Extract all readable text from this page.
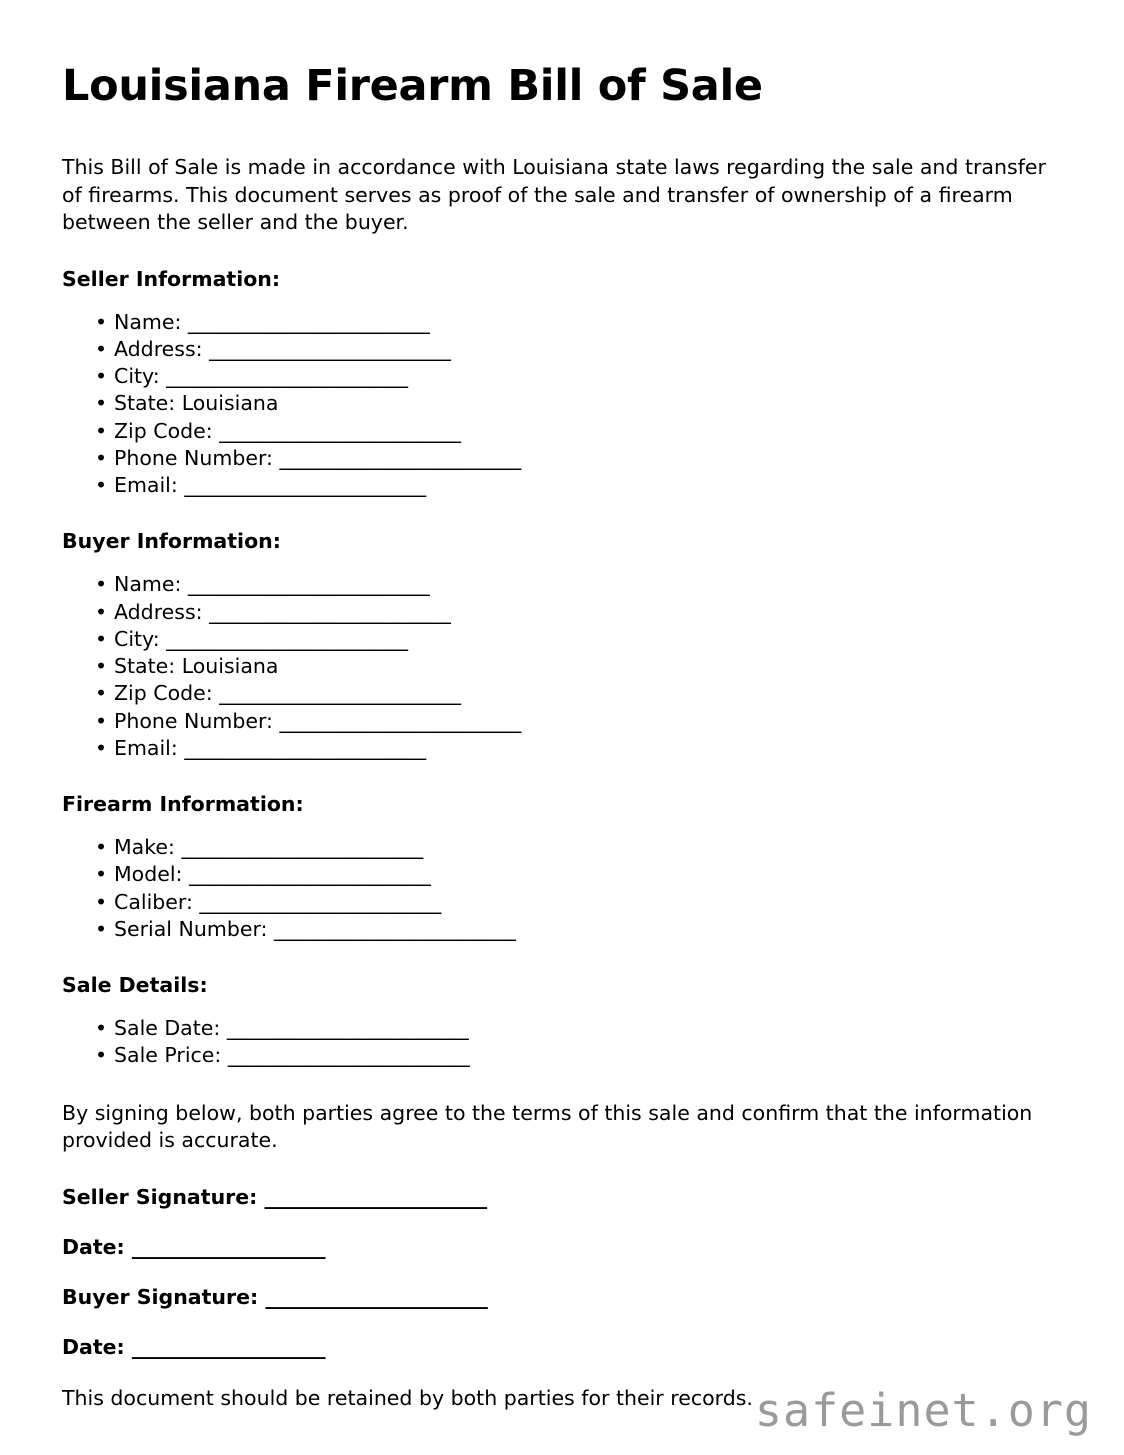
Louisiana Firearm Bill of Sale

This Bill of Sale is made in accordance with Louisiana state laws regarding the sale and transfer of firearms. This document serves as proof of the sale and transfer of ownership of a firearm between the seller and the buyer.

Seller Information:
• Name: _________________________
• Address: _________________________
• City: _________________________
• State: Louisiana
• Zip Code: _________________________
• Phone Number: _________________________
• Email: _________________________
Buyer Information:
• Name: _________________________
• Address: _________________________
• City: _________________________
• State: Louisiana
• Zip Code: _________________________
• Phone Number: _________________________
• Email: _________________________
Firearm Information:
• Make: _________________________
• Model: _________________________
• Caliber: _________________________
• Serial Number: _________________________
Sale Details:
• Sale Date: _________________________
• Sale Price: _________________________

By signing below, both parties agree to the terms of this sale and confirm that the information provided is accurate.

Seller Signature: _______________________
Date: ____________________
Buyer Signature: _______________________
Date: ____________________

This document should be retained by both parties for their records. safeinet.org
